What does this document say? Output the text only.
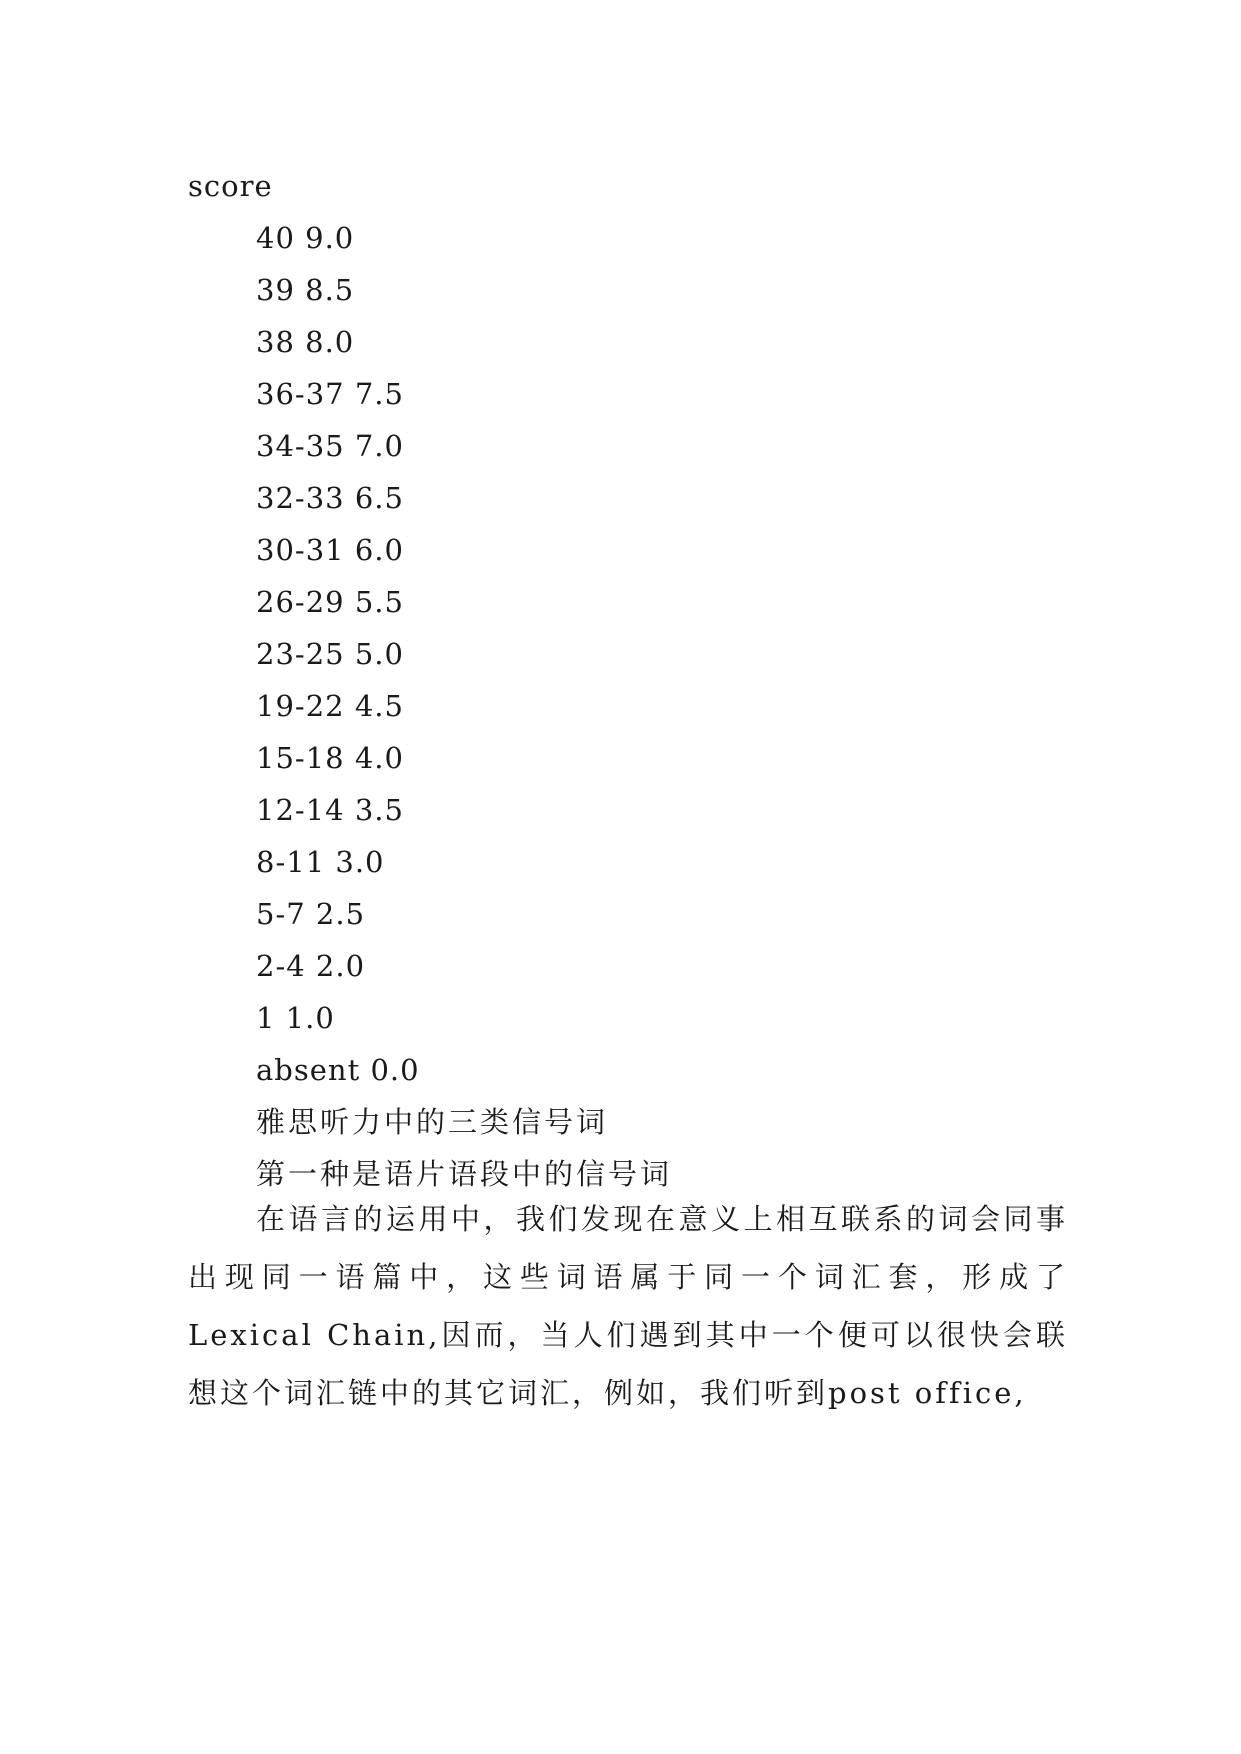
score
40 9.0
39 8.5
38 8.0
36-37 7.5
34-35 7.0
32-33 6.5
30-31 6.0
26-29 5.5
23-25 5.0
19-22 4.5
15-18 4.0
12-14 3.5
8-11 3.0
5-7 2.5
2-4 2.0
1 1.0
absent 0.0
雅思听力中的三类信号词
第一种是语片语段中的信号词
在语言的运用中，我们发现在意义上相互联系的词会同事出现同一语篇中，这些词语属于同一个词汇套，形成了Lexical Chain,因而，当人们遇到其中一个便可以很快会联想这个词汇链中的其它词汇，例如，我们听到post office,
